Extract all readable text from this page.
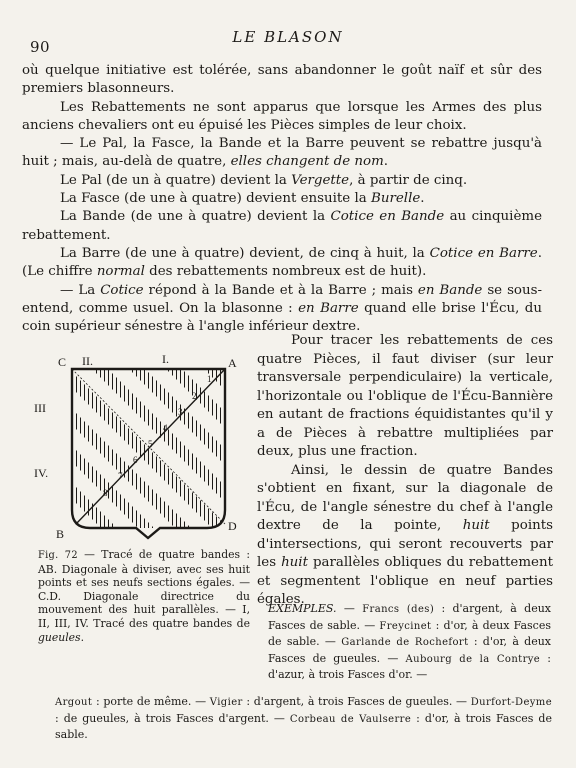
90
LE BLASON

où quelque initiative est tolérée, sans abandonner le goût naïf et sûr des premiers blasonneurs.

Les Rebattements ne sont apparus que lorsque les Armes des plus anciens chevaliers ont eu épuisé les Pièces simples de leur choix.

— Le Pal, la Fasce, la Bande et la Barre peuvent se rebattre jusqu'à huit ; mais, au-delà de quatre, elles changent de nom.

Le Pal (de un à quatre) devient la Vergette, à partir de cinq.

La Fasce (de une à quatre) devient ensuite la Burelle.

La Bande (de une à quatre) devient la Cotice en Bande au cinquième rebattement.

La Barre (de une à quatre) devient, de cinq à huit, la Cotice en Barre. (Le chiffre normal des rebattements nombreux est de huit).

— La Cotice répond à la Bande et à la Barre ; mais en Bande se sous-entend, comme usuel. On la blasonne : en Barre quand elle brise l'Écu, du coin supérieur sénestre à l'angle inférieur dextre.

A
B
C
D
I.
II.
III
IV.
1
2
3
4
5
6
7
8
Fig. 72 — Tracé de quatre bandes : AB. Diagonale à diviser, avec ses huit points et ses neufs sections égales. — C.D. Diagonale directrice du mouvement des huit parallèles. — I, II, III, IV. Tracé des quatre bandes de gueules.

Pour tracer les rebattements de ces quatre Pièces, il faut diviser (sur leur transversale perpendiculaire) la verticale, l'horizontale ou l'oblique de l'Écu-Bannière en autant de fractions équidistantes qu'il y a de Pièces à rebattre multipliées par deux, plus une fraction.

Ainsi, le dessin de quatre Bandes s'obtient en fixant, sur la diagonale de l'Écu, de l'angle sénestre du chef à l'angle dextre de la pointe, huit points d'intersections, qui seront recouverts par les huit parallèles obliques du rebattement et segmentent l'oblique en neuf parties égales.

EXEMPLES. — Francs (des) : d'argent, à deux Fasces de sable. — Freycinet : d'or, à deux Fasces de sable. — Garlande de Rochefort : d'or, à deux Fasces de gueules. — Aubourg de la Contrye : d'azur, à trois Fasces d'or. —
Argout : porte de même. — Vigier : d'argent, à trois Fasces de gueules. — Durfort-Deyme : de gueules, à trois Fasces d'argent. — Corbeau de Vaulserre : d'or, à trois Fasces de sable.
